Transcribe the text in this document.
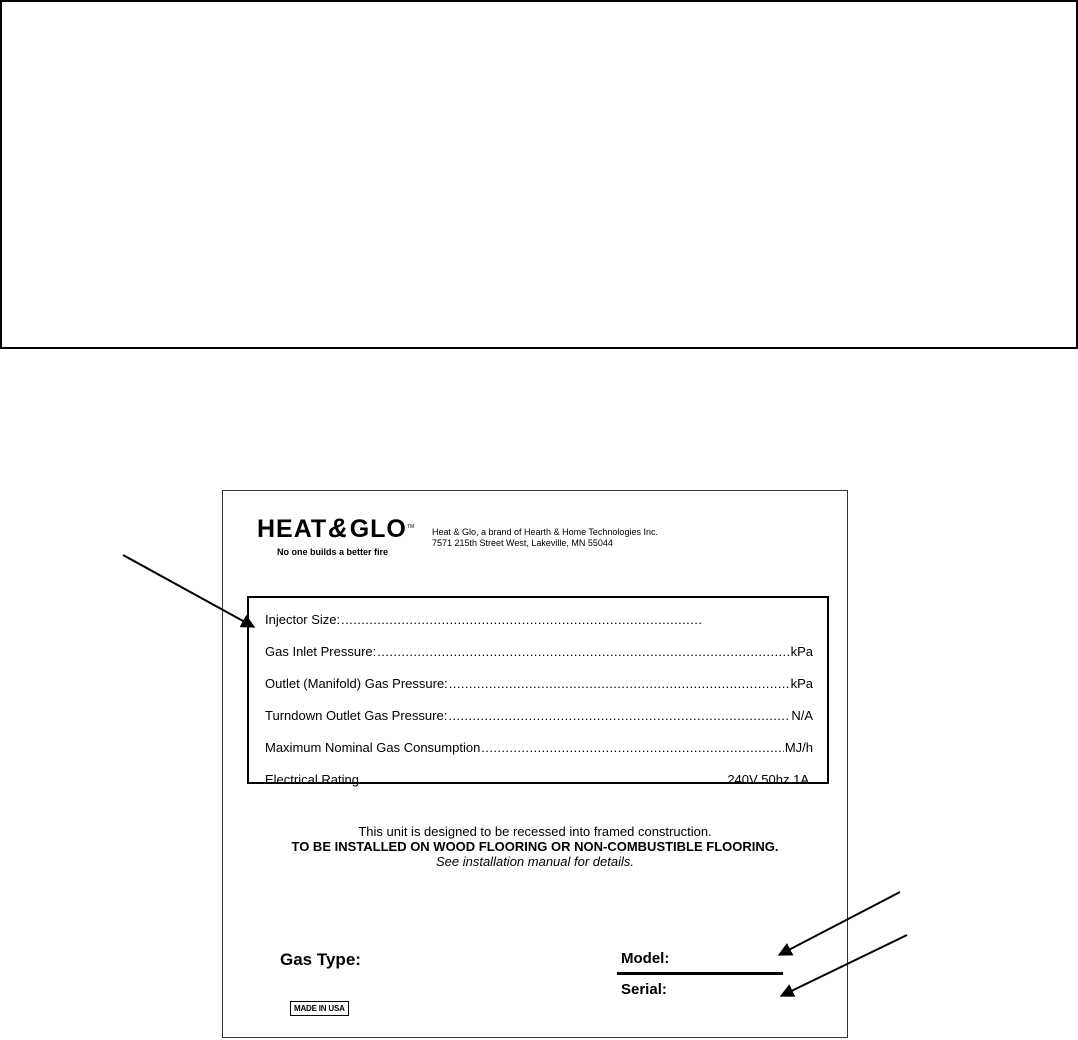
HEAT&GLO TM
No one builds a better fire
Heat & Glo, a brand of Hearth & Home Technologies Inc.
7571 215th Street West, Lakeville, MN 55044
Injector Size:
.....
Gas Inlet Pressure: .....	kPa
Outlet (Manifold) Gas Pressure: .....	kPa
Turndown Outlet Gas Pressure: .....	N/A
Maximum Nominal Gas Consumption .....	MJ/h
Electrical Rating .....	240V 50hz 1A
This unit is designed to be recessed into framed construction.
TO BE INSTALLED ON WOOD FLOORING OR NON-COMBUSTIBLE FLOORING.
See installation manual for details.
Gas Type:	Model:
Serial:
MADE IN USA
